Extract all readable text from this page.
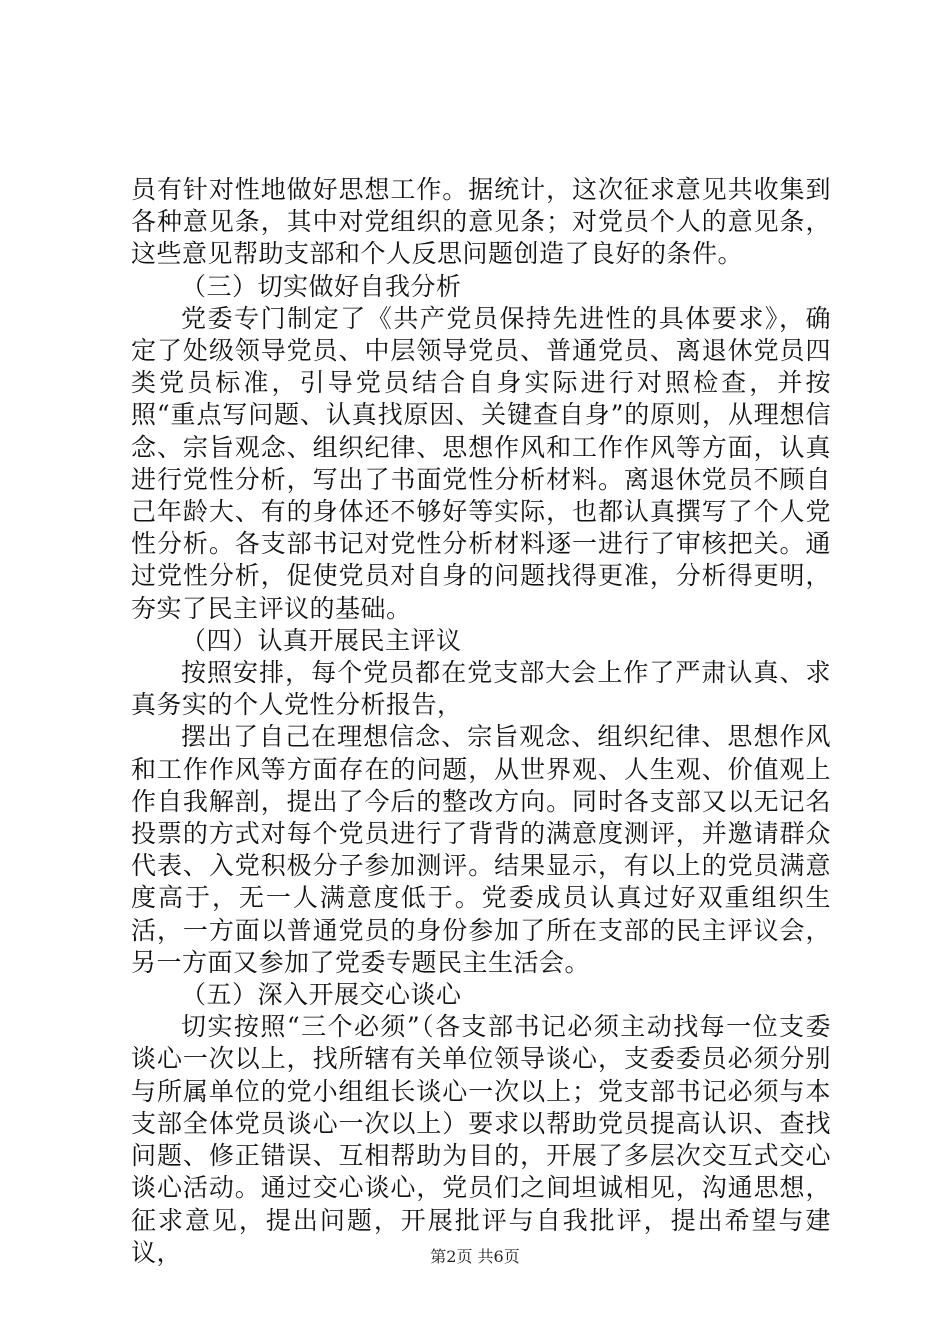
员有针对性地做好思想工作。据统计，这次征求意见共收集到各种意见条，其中对党组织的意见条；对党员个人的意见条，这些意见帮助支部和个人反思问题创造了良好的条件。

（三）切实做好自我分析

党委专门制定了《共产党员保持先进性的具体要求》，确定了处级领导党员、中层领导党员、普通党员、离退休党员四类党员标准，引导党员结合自身实际进行对照检查，并按照“重点写问题、认真找原因、关键查自身”的原则，从理想信念、宗旨观念、组织纪律、思想作风和工作作风等方面，认真进行党性分析，写出了书面党性分析材料。离退休党员不顾自己年龄大、有的身体还不够好等实际，也都认真撰写了个人党性分析。各支部书记对党性分析材料逐一进行了审核把关。通过党性分析，促使党员对自身的问题找得更准，分析得更明，夯实了民主评议的基础。

（四）认真开展民主评议

按照安排，每个党员都在党支部大会上作了严肃认真、求真务实的个人党性分析报告，

摆出了自己在理想信念、宗旨观念、组织纪律、思想作风和工作作风等方面存在的问题，从世界观、人生观、价值观上作自我解剖，提出了今后的整改方向。同时各支部又以无记名投票的方式对每个党员进行了背背的满意度测评，并邀请群众代表、入党积极分子参加测评。结果显示，有以上的党员满意度高于，无一人满意度低于。党委成员认真过好双重组织生活，一方面以普通党员的身份参加了所在支部的民主评议会，另一方面又参加了党委专题民主生活会。

（五）深入开展交心谈心

切实按照“三个必须”（各支部书记必须主动找每一位支委谈心一次以上，找所辖有关单位领导谈心，支委委员必须分别与所属单位的党小组组长谈心一次以上；党支部书记必须与本支部全体党员谈心一次以上）要求以帮助党员提高认识、查找问题、修正错误、互相帮助为目的，开展了多层次交互式交心谈心活动。通过交心谈心，党员们之间坦诚相见，沟通思想，征求意见，提出问题，开展批评与自我批评，提出希望与建议，	第2页 共6页
